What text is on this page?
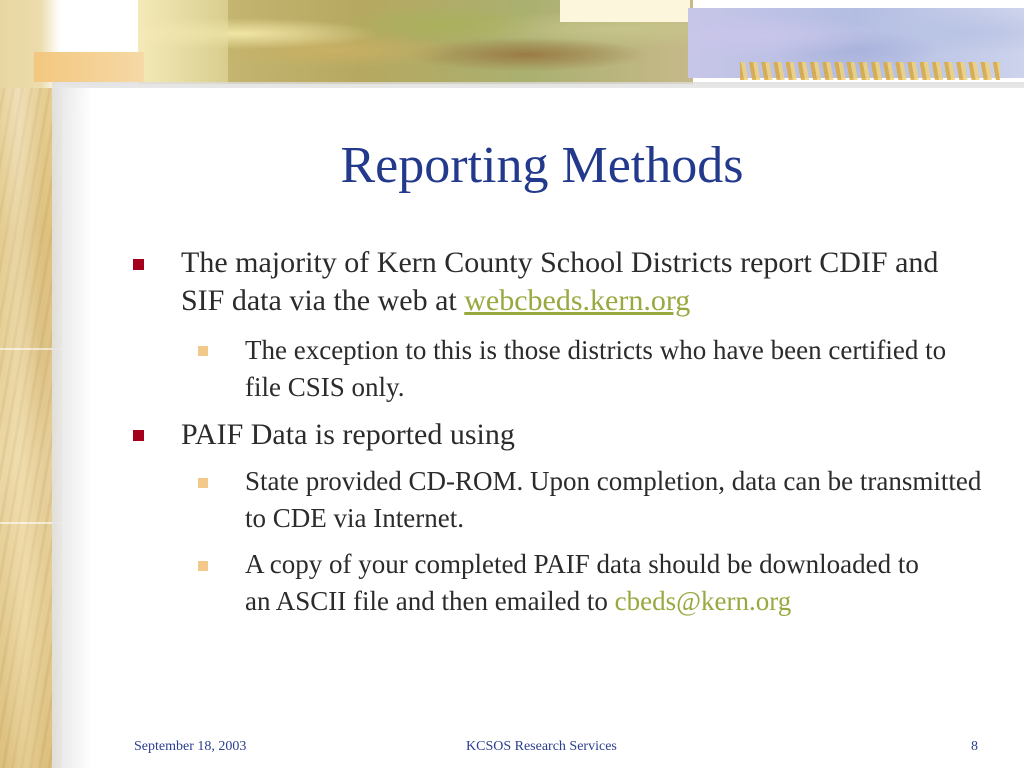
Reporting Methods
The majority of Kern County School Districts report CDIF and SIF data via the web at webcbeds.kern.org
The exception to this is those districts who have been certified to file CSIS only.
PAIF Data is reported using
State provided CD-ROM. Upon completion, data can be transmitted to CDE via Internet.
A copy of your completed PAIF data should be downloaded to an ASCII file and then emailed to cbeds@kern.org
September 18, 2003	KCSOS Research Services	8
